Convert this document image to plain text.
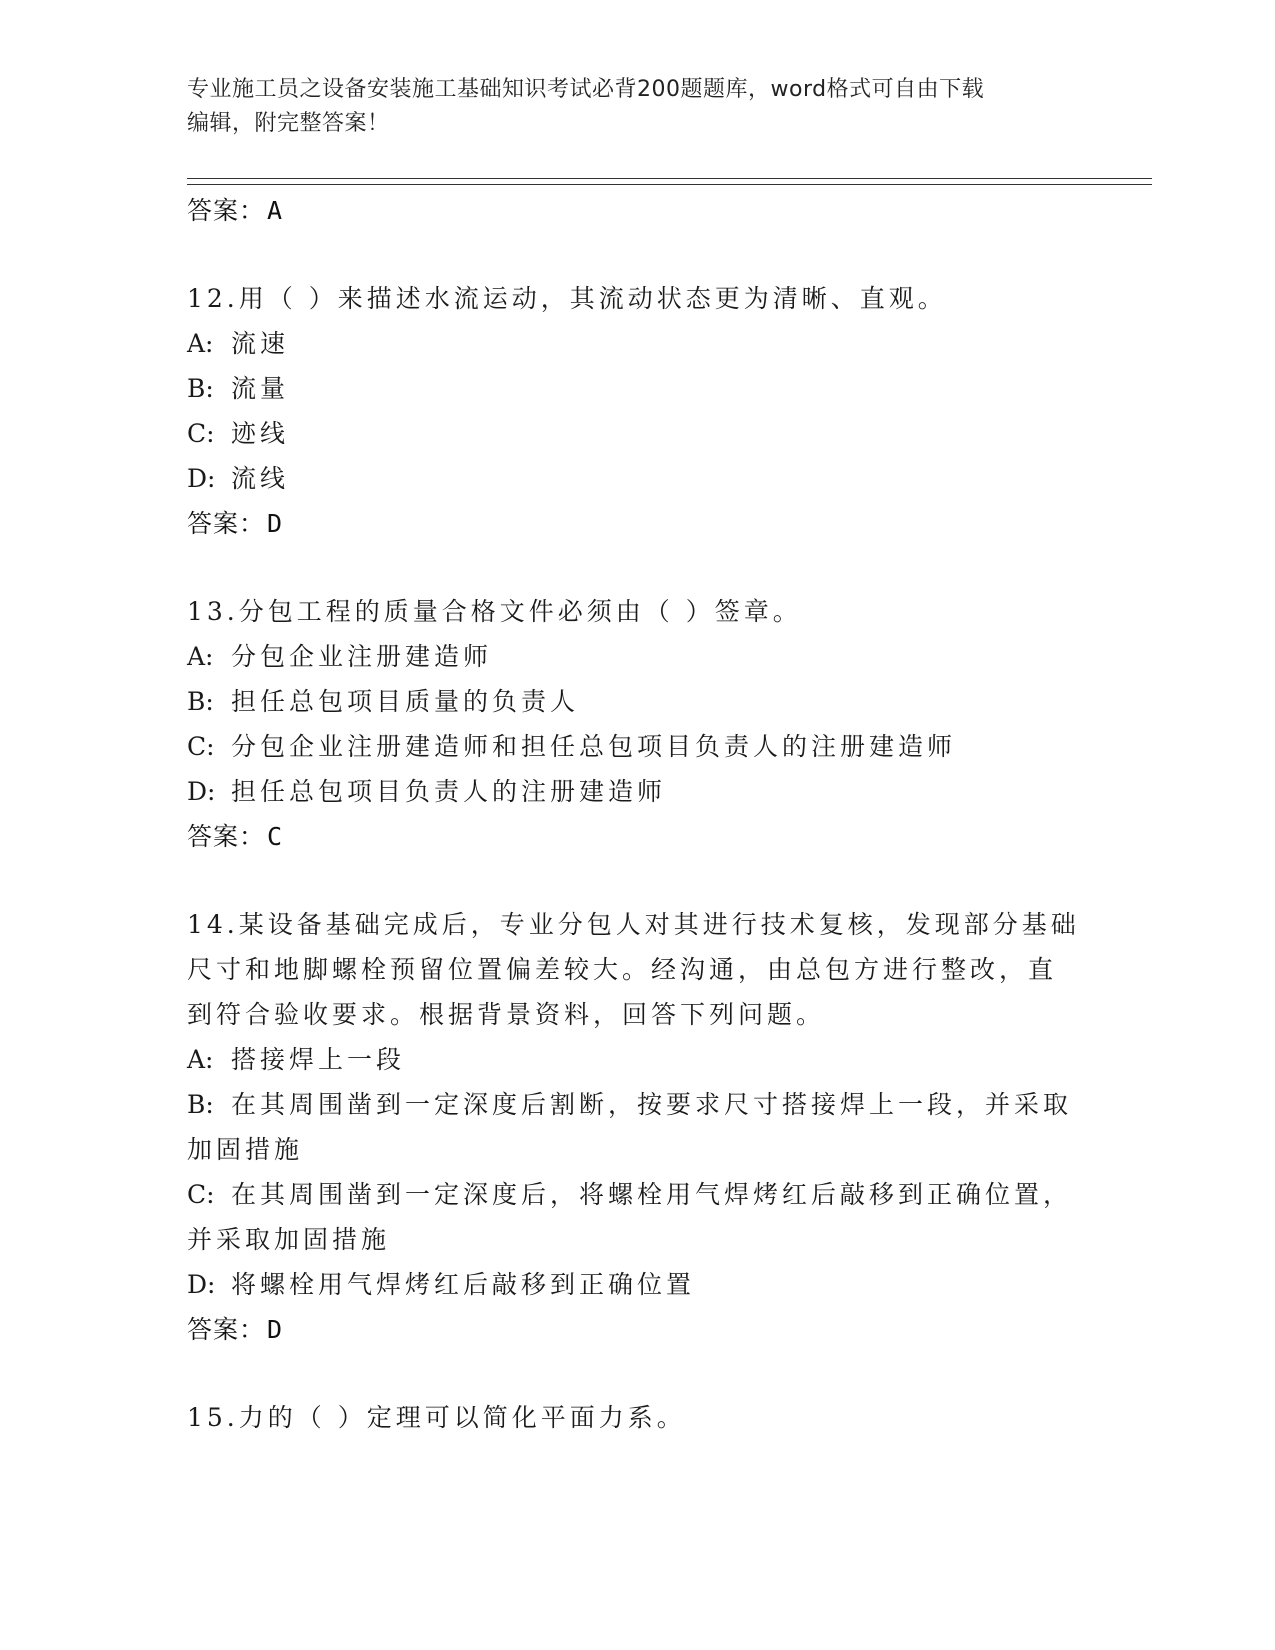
专业施工员之设备安装施工基础知识考试必背200题题库，word格式可自由下载
编辑，附完整答案！
答案：A
12.用（ ）来描述水流运动，其流动状态更为清晰、直观。
A: 流速
B: 流量
C: 迹线
D: 流线
答案：D
13.分包工程的质量合格文件必须由（ ）签章。
A: 分包企业注册建造师
B: 担任总包项目质量的负责人
C: 分包企业注册建造师和担任总包项目负责人的注册建造师
D: 担任总包项目负责人的注册建造师
答案：C
14.某设备基础完成后，专业分包人对其进行技术复核，发现部分基础
尺寸和地脚螺栓预留位置偏差较大。经沟通，由总包方进行整改，直
到符合验收要求。根据背景资料，回答下列问题。
A: 搭接焊上一段
B: 在其周围凿到一定深度后割断，按要求尺寸搭接焊上一段，并采取
加固措施
C: 在其周围凿到一定深度后，将螺栓用气焊烤红后敲移到正确位置，
并采取加固措施
D: 将螺栓用气焊烤红后敲移到正确位置
答案：D
15.力的（ ）定理可以简化平面力系。
